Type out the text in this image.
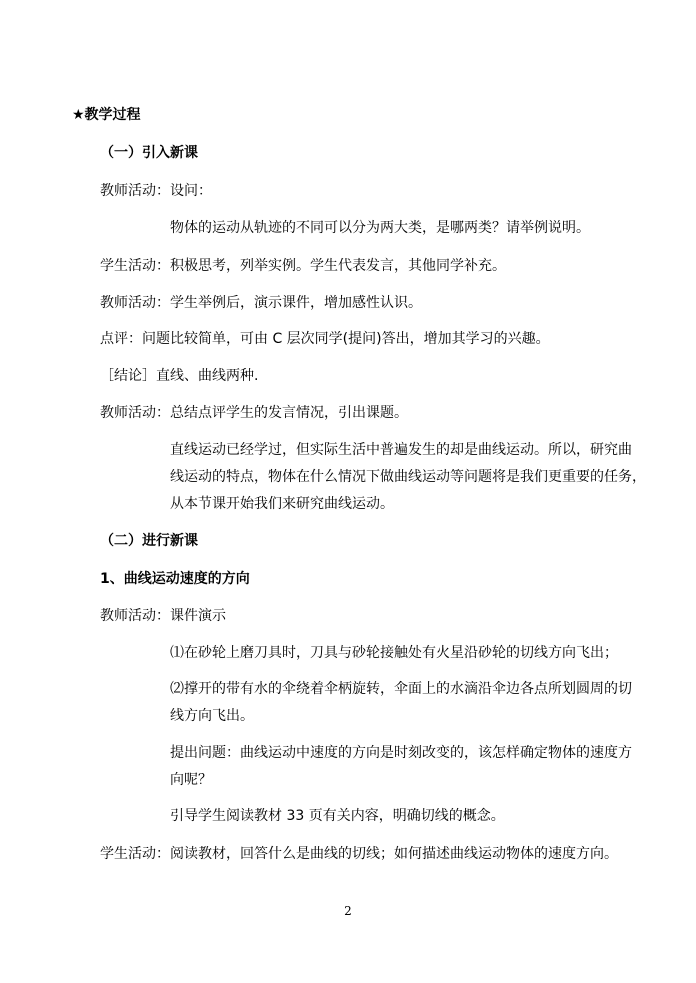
★教学过程
（一）引入新课
教师活动：设问：
物体的运动从轨迹的不同可以分为两大类，是哪两类？请举例说明。
学生活动：积极思考，列举实例。学生代表发言，其他同学补充。
教师活动：学生举例后，演示课件，增加感性认识。
点评：问题比较简单，可由 C 层次同学(提问)答出，增加其学习的兴趣。
［结论］直线、曲线两种.
教师活动：总结点评学生的发言情况，引出课题。
直线运动已经学过，但实际生活中普遍发生的却是曲线运动。所以，研究曲
线运动的特点，物体在什么情况下做曲线运动等问题将是我们更重要的任务，
从本节课开始我们来研究曲线运动。
（二）进行新课
1、曲线运动速度的方向
教师活动：课件演示
⑴在砂轮上磨刀具时，刀具与砂轮接触处有火星沿砂轮的切线方向飞出；
⑵撑开的带有水的伞绕着伞柄旋转，伞面上的水滴沿伞边各点所划圆周的切
线方向飞出。
提出问题：曲线运动中速度的方向是时刻改变的，该怎样确定物体的速度方
向呢？
引导学生阅读教材 33 页有关内容，明确切线的概念。
学生活动：阅读教材，回答什么是曲线的切线；如何描述曲线运动物体的速度方向。
2
